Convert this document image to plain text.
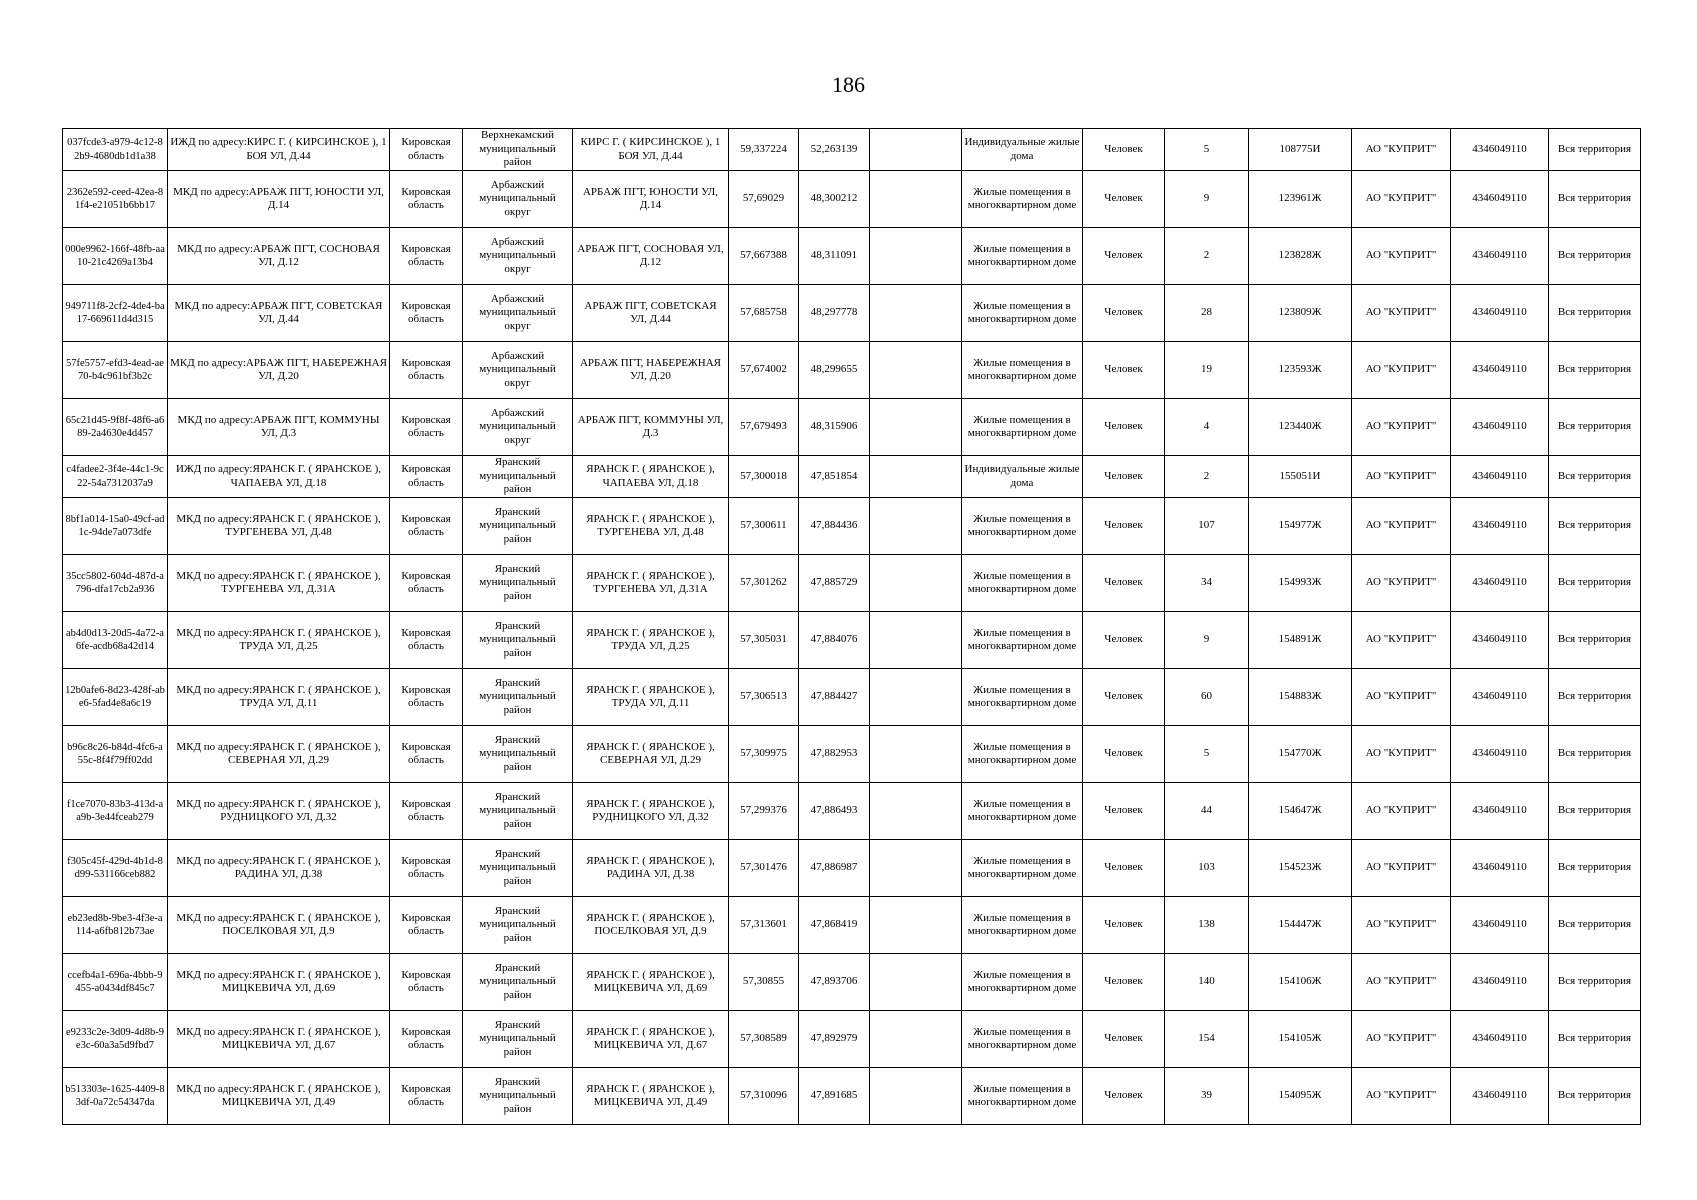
186
037fcde3-a979-4c12-82b9-4680db1d1a38	ИЖД по адресу:КИРС Г. ( КИРСИНСКОЕ ), 1 БОЯ УЛ, Д.44	Кировская область	Верхнекамский муниципальный район	КИРС Г. ( КИРСИНСКОЕ ), 1 БОЯ УЛ, Д.44	59,337224	52,263139		Индивидуальные жилые дома	Человек	5	108775И	АО "КУПРИТ"	4346049110	Вся территория
2362e592-ceed-42ea-81f4-e21051b6bb17	МКД по адресу:АРБАЖ ПГТ, ЮНОСТИ УЛ, Д.14	Кировская область	Арбажский муниципальный округ	АРБАЖ ПГТ, ЮНОСТИ УЛ, Д.14	57,69029	48,300212		Жилые помещения в многоквартирном доме	Человек	9	123961Ж	АО "КУПРИТ"	4346049110	Вся территория
000e9962-166f-48fb-aa10-21c4269a13b4	МКД по адресу:АРБАЖ ПГТ, СОСНОВАЯ УЛ, Д.12	Кировская область	Арбажский муниципальный округ	АРБАЖ ПГТ, СОСНОВАЯ УЛ, Д.12	57,667388	48,311091		Жилые помещения в многоквартирном доме	Человек	2	123828Ж	АО "КУПРИТ"	4346049110	Вся территория
949711f8-2cf2-4de4-ba17-669611d4d315	МКД по адресу:АРБАЖ ПГТ, СОВЕТСКАЯ УЛ, Д.44	Кировская область	Арбажский муниципальный округ	АРБАЖ ПГТ, СОВЕТСКАЯ УЛ, Д.44	57,685758	48,297778		Жилые помещения в многоквартирном доме	Человек	28	123809Ж	АО "КУПРИТ"	4346049110	Вся территория
57fe5757-efd3-4ead-ae70-b4c961bf3b2c	МКД по адресу:АРБАЖ ПГТ, НАБЕРЕЖНАЯ УЛ, Д.20	Кировская область	Арбажский муниципальный округ	АРБАЖ ПГТ, НАБЕРЕЖНАЯ УЛ, Д.20	57,674002	48,299655		Жилые помещения в многоквартирном доме	Человек	19	123593Ж	АО "КУПРИТ"	4346049110	Вся территория
65c21d45-9f8f-48f6-a689-2a4630e4d457	МКД по адресу:АРБАЖ ПГТ, КОММУНЫ УЛ, Д.3	Кировская область	Арбажский муниципальный округ	АРБАЖ ПГТ, КОММУНЫ УЛ, Д.3	57,679493	48,315906		Жилые помещения в многоквартирном доме	Человек	4	123440Ж	АО "КУПРИТ"	4346049110	Вся территория
c4fadee2-3f4e-44c1-9c22-54a7312037a9	ИЖД по адресу:ЯРАНСК Г. ( ЯРАНСКОЕ ), ЧАПАЕВА УЛ, Д.18	Кировская область	Яранский муниципальный район	ЯРАНСК Г. ( ЯРАНСКОЕ ), ЧАПАЕВА УЛ, Д.18	57,300018	47,851854		Индивидуальные жилые дома	Человек	2	155051И	АО "КУПРИТ"	4346049110	Вся территория
8bf1a014-15a0-49cf-ad1c-94de7a073dfe	МКД по адресу:ЯРАНСК Г. ( ЯРАНСКОЕ ), ТУРГЕНЕВА УЛ, Д.48	Кировская область	Яранский муниципальный район	ЯРАНСК Г. ( ЯРАНСКОЕ ), ТУРГЕНЕВА УЛ, Д.48	57,300611	47,884436		Жилые помещения в многоквартирном доме	Человек	107	154977Ж	АО "КУПРИТ"	4346049110	Вся территория
35cc5802-604d-487d-a796-dfa17cb2a936	МКД по адресу:ЯРАНСК Г. ( ЯРАНСКОЕ ), ТУРГЕНЕВА УЛ, Д.31А	Кировская область	Яранский муниципальный район	ЯРАНСК Г. ( ЯРАНСКОЕ ), ТУРГЕНЕВА УЛ, Д.31А	57,301262	47,885729		Жилые помещения в многоквартирном доме	Человек	34	154993Ж	АО "КУПРИТ"	4346049110	Вся территория
ab4d0d13-20d5-4a72-a6fe-acdb68a42d14	МКД по адресу:ЯРАНСК Г. ( ЯРАНСКОЕ ), ТРУДА УЛ, Д.25	Кировская область	Яранский муниципальный район	ЯРАНСК Г. ( ЯРАНСКОЕ ), ТРУДА УЛ, Д.25	57,305031	47,884076		Жилые помещения в многоквартирном доме	Человек	9	154891Ж	АО "КУПРИТ"	4346049110	Вся территория
12b0afe6-8d23-428f-abe6-5fad4e8a6c19	МКД по адресу:ЯРАНСК Г. ( ЯРАНСКОЕ ), ТРУДА УЛ, Д.11	Кировская область	Яранский муниципальный район	ЯРАНСК Г. ( ЯРАНСКОЕ ), ТРУДА УЛ, Д.11	57,306513	47,884427		Жилые помещения в многоквартирном доме	Человек	60	154883Ж	АО "КУПРИТ"	4346049110	Вся территория
b96c8c26-b84d-4fc6-a55c-8f4f79ff02dd	МКД по адресу:ЯРАНСК Г. ( ЯРАНСКОЕ ), СЕВЕРНАЯ УЛ, Д.29	Кировская область	Яранский муниципальный район	ЯРАНСК Г. ( ЯРАНСКОЕ ), СЕВЕРНАЯ УЛ, Д.29	57,309975	47,882953		Жилые помещения в многоквартирном доме	Человек	5	154770Ж	АО "КУПРИТ"	4346049110	Вся территория
f1ce7070-83b3-413d-aa9b-3e44fceab279	МКД по адресу:ЯРАНСК Г. ( ЯРАНСКОЕ ), РУДНИЦКОГО УЛ, Д.32	Кировская область	Яранский муниципальный район	ЯРАНСК Г. ( ЯРАНСКОЕ ), РУДНИЦКОГО УЛ, Д.32	57,299376	47,886493		Жилые помещения в многоквартирном доме	Человек	44	154647Ж	АО "КУПРИТ"	4346049110	Вся территория
f305c45f-429d-4b1d-8d99-531166ceb882	МКД по адресу:ЯРАНСК Г. ( ЯРАНСКОЕ ), РАДИНА УЛ, Д.38	Кировская область	Яранский муниципальный район	ЯРАНСК Г. ( ЯРАНСКОЕ ), РАДИНА УЛ, Д.38	57,301476	47,886987		Жилые помещения в многоквартирном доме	Человек	103	154523Ж	АО "КУПРИТ"	4346049110	Вся территория
eb23ed8b-9be3-4f3e-a114-a6fb812b73ae	МКД по адресу:ЯРАНСК Г. ( ЯРАНСКОЕ ), ПОСЕЛКОВАЯ УЛ, Д.9	Кировская область	Яранский муниципальный район	ЯРАНСК Г. ( ЯРАНСКОЕ ), ПОСЕЛКОВАЯ УЛ, Д.9	57,313601	47,868419		Жилые помещения в многоквартирном доме	Человек	138	154447Ж	АО "КУПРИТ"	4346049110	Вся территория
ccefb4a1-696a-4bbb-9455-a0434df845c7	МКД по адресу:ЯРАНСК Г. ( ЯРАНСКОЕ ), МИЦКЕВИЧА УЛ, Д.69	Кировская область	Яранский муниципальный район	ЯРАНСК Г. ( ЯРАНСКОЕ ), МИЦКЕВИЧА УЛ, Д.69	57,30855	47,893706		Жилые помещения в многоквартирном доме	Человек	140	154106Ж	АО "КУПРИТ"	4346049110	Вся территория
e9233c2e-3d09-4d8b-9e3c-60a3a5d9fbd7	МКД по адресу:ЯРАНСК Г. ( ЯРАНСКОЕ ), МИЦКЕВИЧА УЛ, Д.67	Кировская область	Яранский муниципальный район	ЯРАНСК Г. ( ЯРАНСКОЕ ), МИЦКЕВИЧА УЛ, Д.67	57,308589	47,892979		Жилые помещения в многоквартирном доме	Человек	154	154105Ж	АО "КУПРИТ"	4346049110	Вся территория
b513303e-1625-4409-83df-0a72c54347da	МКД по адресу:ЯРАНСК Г. ( ЯРАНСКОЕ ), МИЦКЕВИЧА УЛ, Д.49	Кировская область	Яранский муниципальный район	ЯРАНСК Г. ( ЯРАНСКОЕ ), МИЦКЕВИЧА УЛ, Д.49	57,310096	47,891685		Жилые помещения в многоквартирном доме	Человек	39	154095Ж	АО "КУПРИТ"	4346049110	Вся территория
